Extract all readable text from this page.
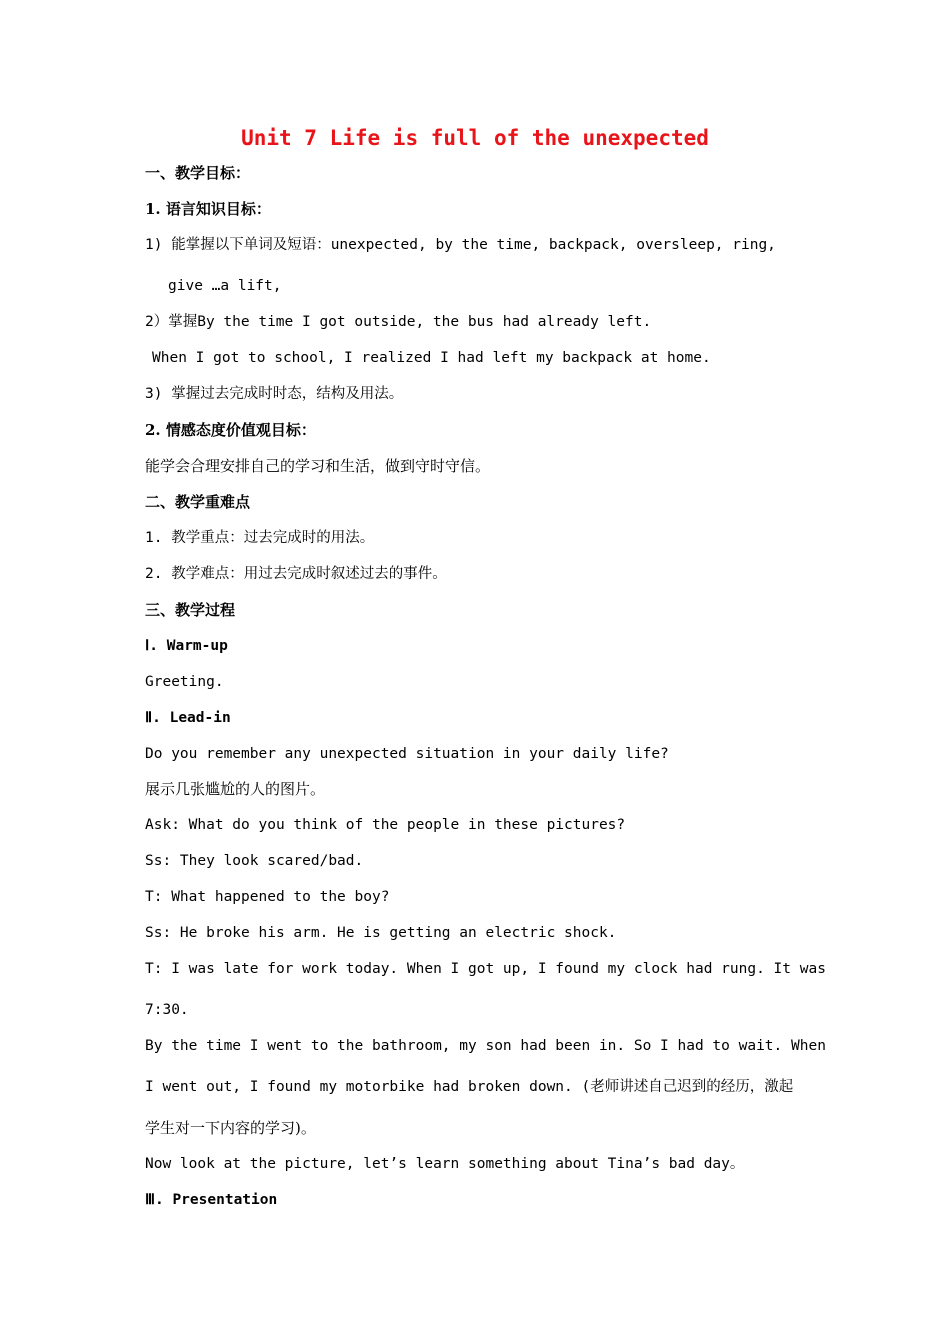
Unit 7 Life is full of the unexpected
一、教学目标：
1. 语言知识目标：
1) 能掌握以下单词及短语：unexpected, by the time, backpack, oversleep, ring,
give …a lift,
2）掌握By the time I got outside, the bus had already left.
When I got to school, I realized I had left my backpack at home.
3) 掌握过去完成时时态，结构及用法。
2. 情感态度价值观目标：
能学会合理安排自己的学习和生活，做到守时守信。
二、教学重难点
1. 教学重点：过去完成时的用法。
2. 教学难点：用过去完成时叙述过去的事件。
三、教学过程
Ⅰ. Warm-up
Greeting.
Ⅱ. Lead-in
Do you remember any unexpected situation in your daily life?
展示几张尴尬的人的图片。
Ask: What do you think of the people in these pictures?
Ss: They look scared/bad.
T: What happened to the boy?
Ss: He broke his arm. He is getting an electric shock.
T: I was late for work today. When I got up, I found my clock had rung. It was
7:30.
By the time I went to the bathroom, my son had been in. So I had to wait. When
I went out, I found my motorbike had broken down. (老师讲述自己迟到的经历，激起
学生对一下内容的学习)。
Now look at the picture, let’s learn something about Tina’s bad day。
Ⅲ. Presentation
